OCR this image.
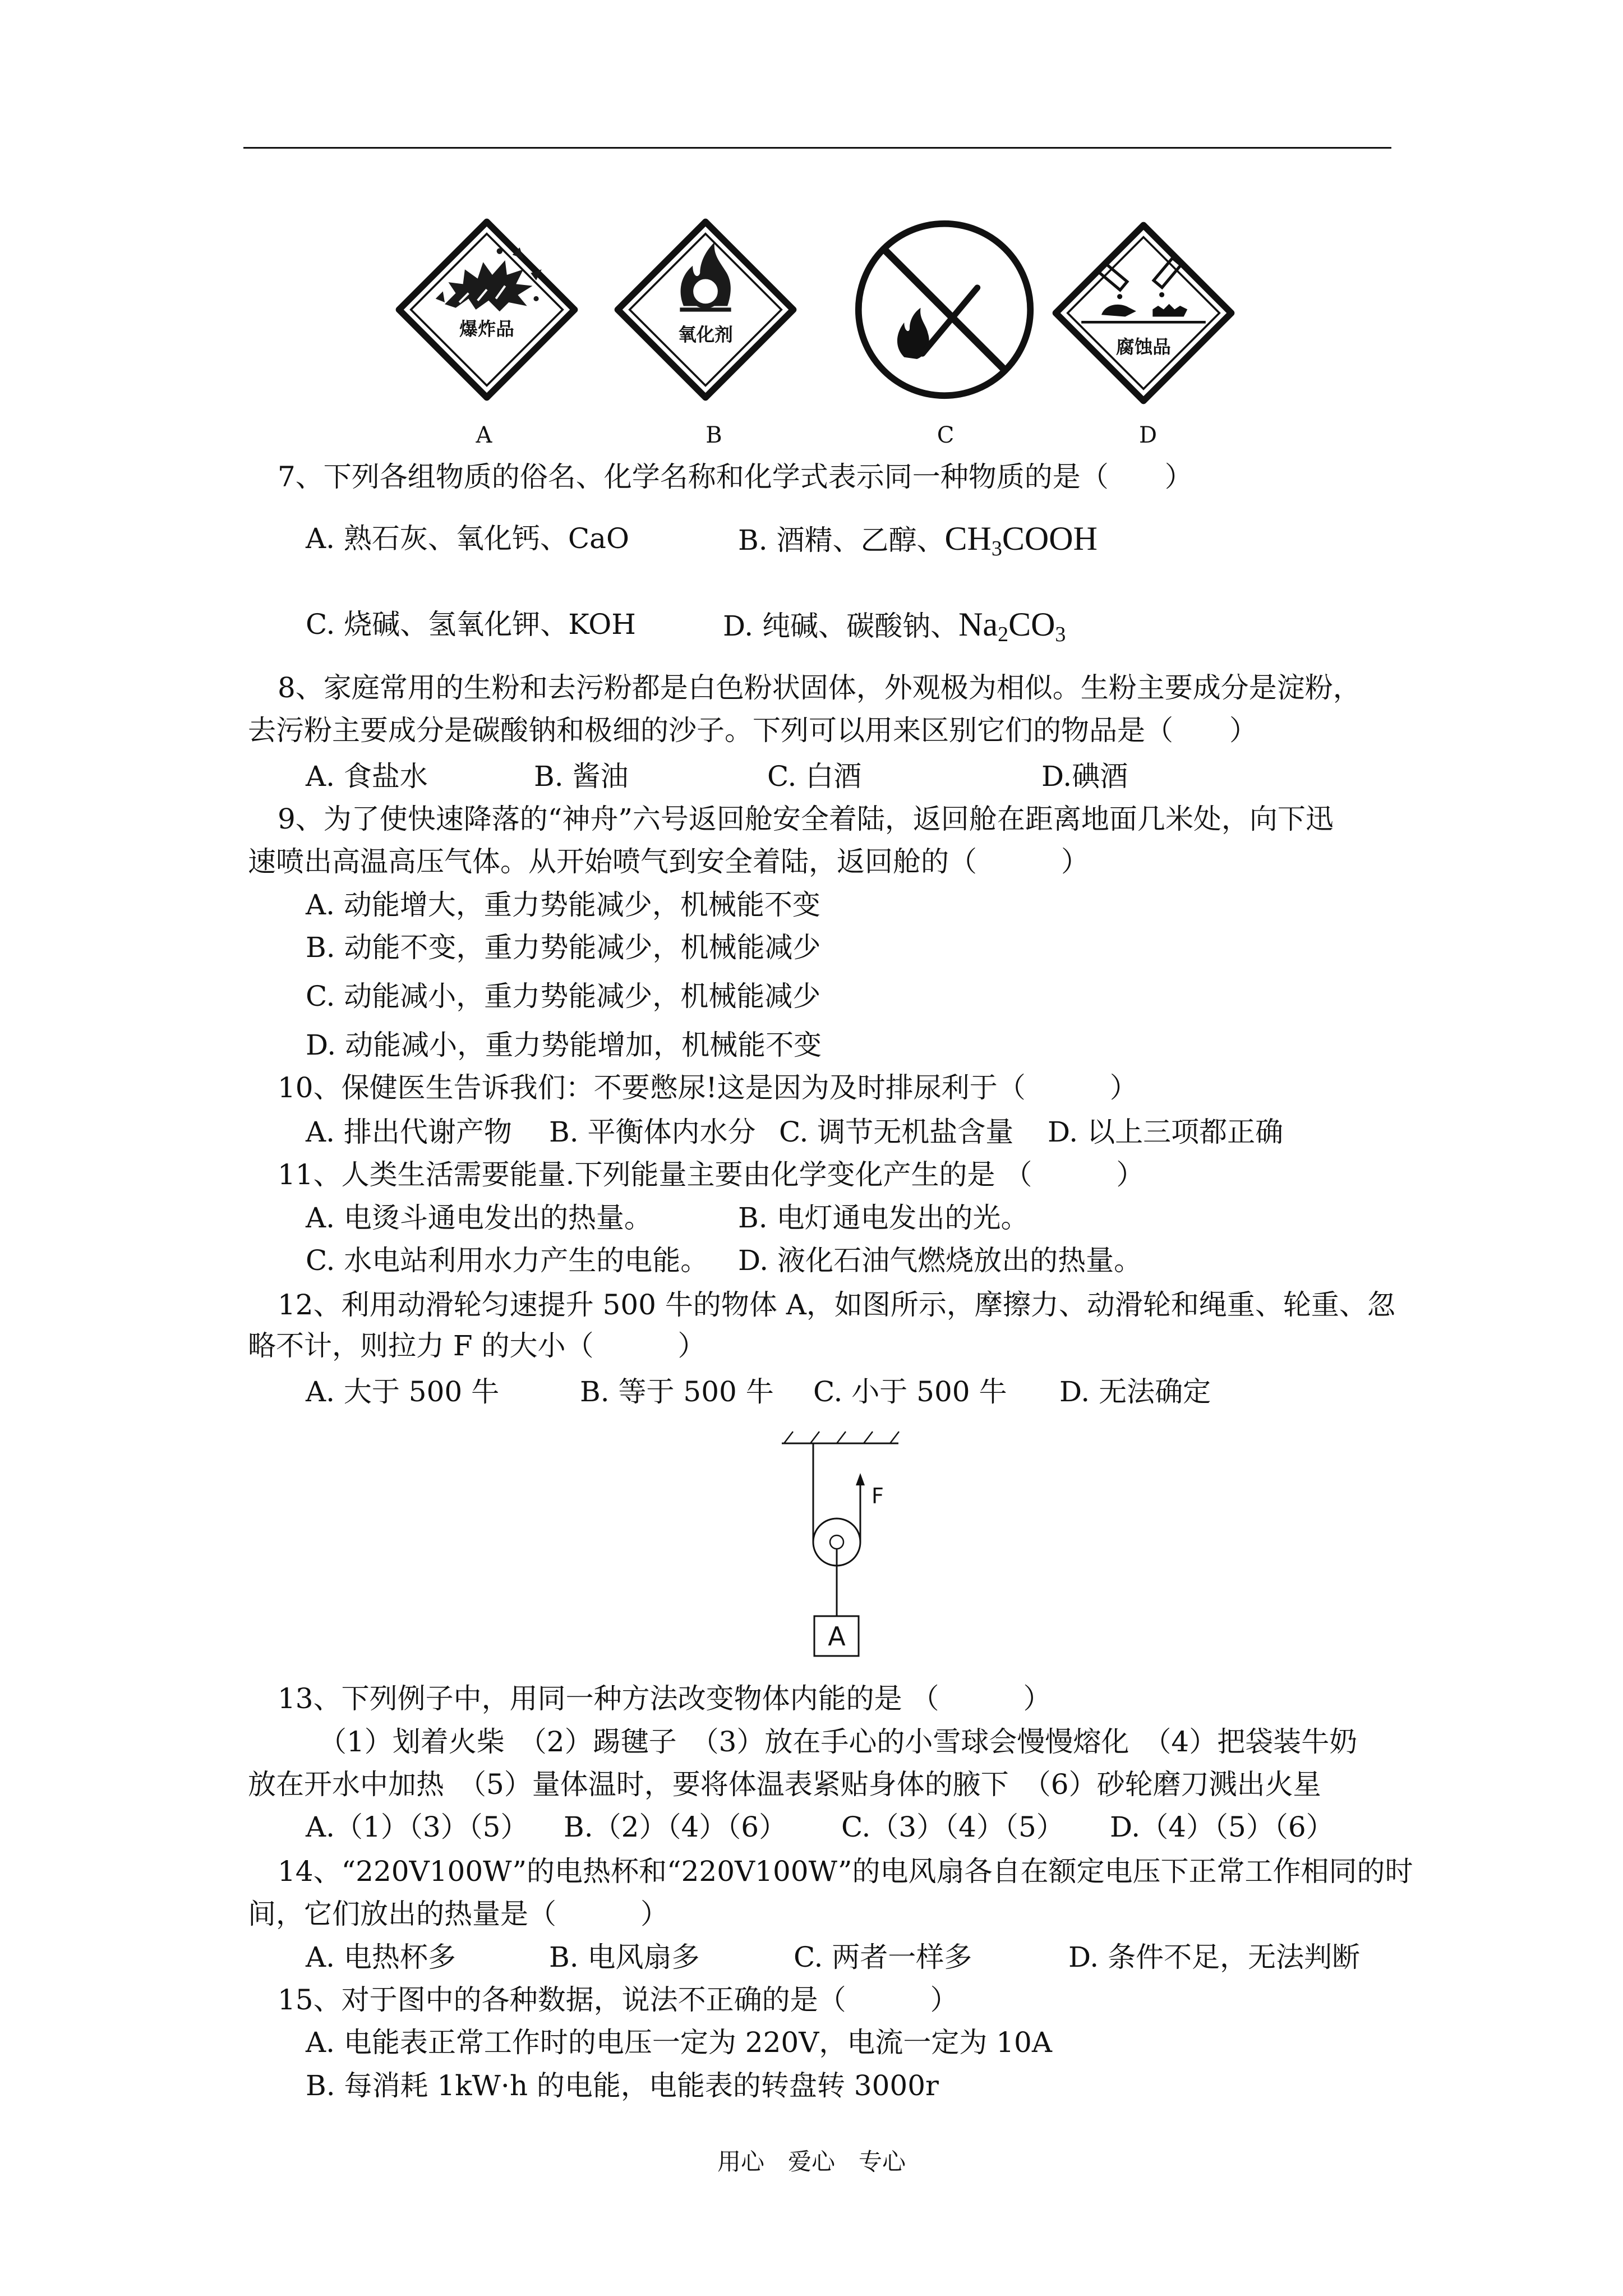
爆炸品	氧化剂
腐蚀品
A	B	C	D
7、下列各组物质的俗名、化学名称和化学式表示同一种物质的是（　　）
A. 熟石灰、氧化钙、CaO	B. 酒精、乙醇、$CH_3COOH$
C. 烧碱、氢氧化钾、KOH	D. 纯碱、碳酸钠、$Na_2CO_3$
8、家庭常用的生粉和去污粉都是白色粉状固体，外观极为相似。生粉主要成分是淀粉，
去污粉主要成分是碳酸钠和极细的沙子。下列可以用来区别它们的物品是（　　）
A. 食盐水	B. 酱油	C. 白酒	D.碘酒
9、为了使快速降落的“神舟”六号返回舱安全着陆，返回舱在距离地面几米处，向下迅
速喷出高温高压气体。从开始喷气到安全着陆，返回舱的（　　　）
A. 动能增大，重力势能减少，机械能不变
B. 动能不变，重力势能减少，机械能减少
C. 动能减小，重力势能减少，机械能减少
D. 动能减小，重力势能增加，机械能不变
10、保健医生告诉我们：不要憋尿!这是因为及时排尿利于（　　　）
A. 排出代谢产物 B. 平衡体内水分 C. 调节无机盐含量 D. 以上三项都正确
11、人类生活需要能量.下列能量主要由化学变化产生的是 （　　　）
A. 电烫斗通电发出的热量。	B. 电灯通电发出的光。
C. 水电站利用水力产生的电能。 D. 液化石油气燃烧放出的热量。
12、利用动滑轮匀速提升 500 牛的物体 A，如图所示，摩擦力、动滑轮和绳重、轮重、忽
略不计，则拉力 F 的大小（　　　）
A. 大于 500 牛	B. 等于 500 牛 C. 小于 500 牛 D. 无法确定
F
A
13、下列例子中，用同一种方法改变物体内能的是 （　　　）
（1）划着火柴　（2）踢毽子　（3）放在手心的小雪球会慢慢熔化　（4）把袋装牛奶
放在开水中加热　（5）量体温时，要将体温表紧贴身体的腋下　（6）砂轮磨刀溅出火星
A.（1）（3）（5） B.（2）（4）（6） C.（3）（4）（5） D.（4）（5）（6）
14、“220V100W”的电热杯和“220V100W”的电风扇各自在额定电压下正常工作相同的时
间，它们放出的热量是（　　　）
A. 电热杯多	B. 电风扇多	C. 两者一样多	D. 条件不足，无法判断
15、对于图中的各种数据，说法不正确的是（　　　）
A. 电能表正常工作时的电压一定为 220V，电流一定为 10A
B. 每消耗 1kW·h 的电能，电能表的转盘转 3000r
用心　爱心　专心
